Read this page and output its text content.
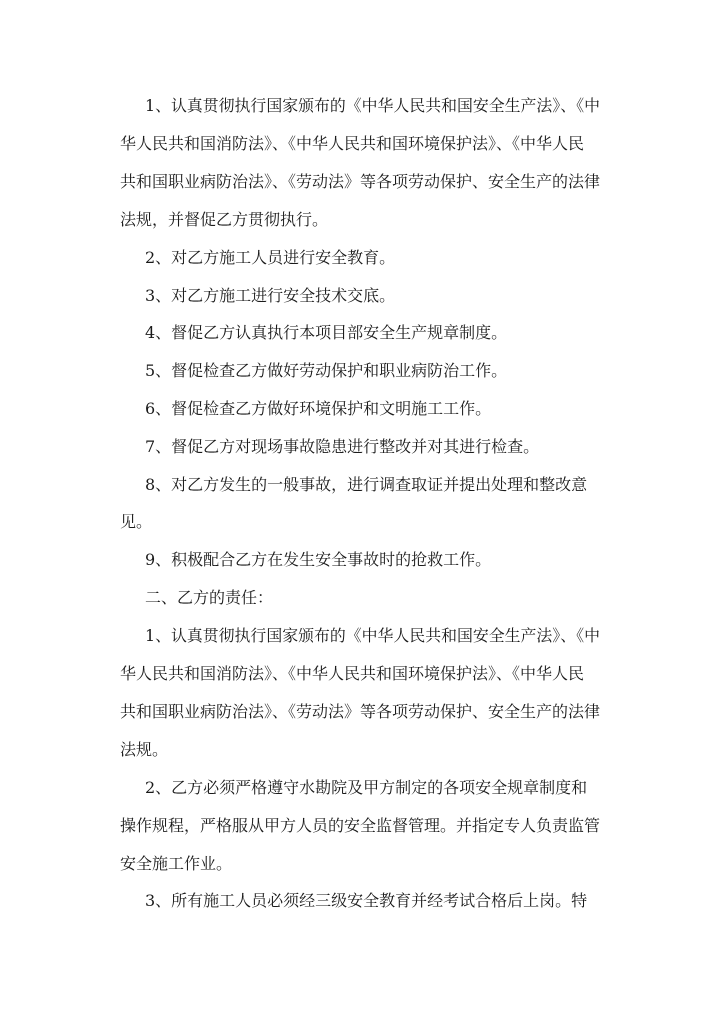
1、认真贯彻执行国家颁布的《中华人民共和国安全生产法》、《中
华人民共和国消防法》、《中华人民共和国环境保护法》、《中华人民
共和国职业病防治法》、《劳动法》等各项劳动保护、安全生产的法律
法规，并督促乙方贯彻执行。
2、对乙方施工人员进行安全教育。
3、对乙方施工进行安全技术交底。
4、督促乙方认真执行本项目部安全生产规章制度。
5、督促检查乙方做好劳动保护和职业病防治工作。
6、督促检查乙方做好环境保护和文明施工工作。
7、督促乙方对现场事故隐患进行整改并对其进行检查。
8、对乙方发生的一般事故，进行调查取证并提出处理和整改意
见。
9、积极配合乙方在发生安全事故时的抢救工作。
二、乙方的责任：
1、认真贯彻执行国家颁布的《中华人民共和国安全生产法》、《中
华人民共和国消防法》、《中华人民共和国环境保护法》、《中华人民
共和国职业病防治法》、《劳动法》等各项劳动保护、安全生产的法律
法规。
2、乙方必须严格遵守水勘院及甲方制定的各项安全规章制度和
操作规程，严格服从甲方人员的安全监督管理。并指定专人负责监管
安全施工作业。
3、所有施工人员必须经三级安全教育并经考试合格后上岗。特
